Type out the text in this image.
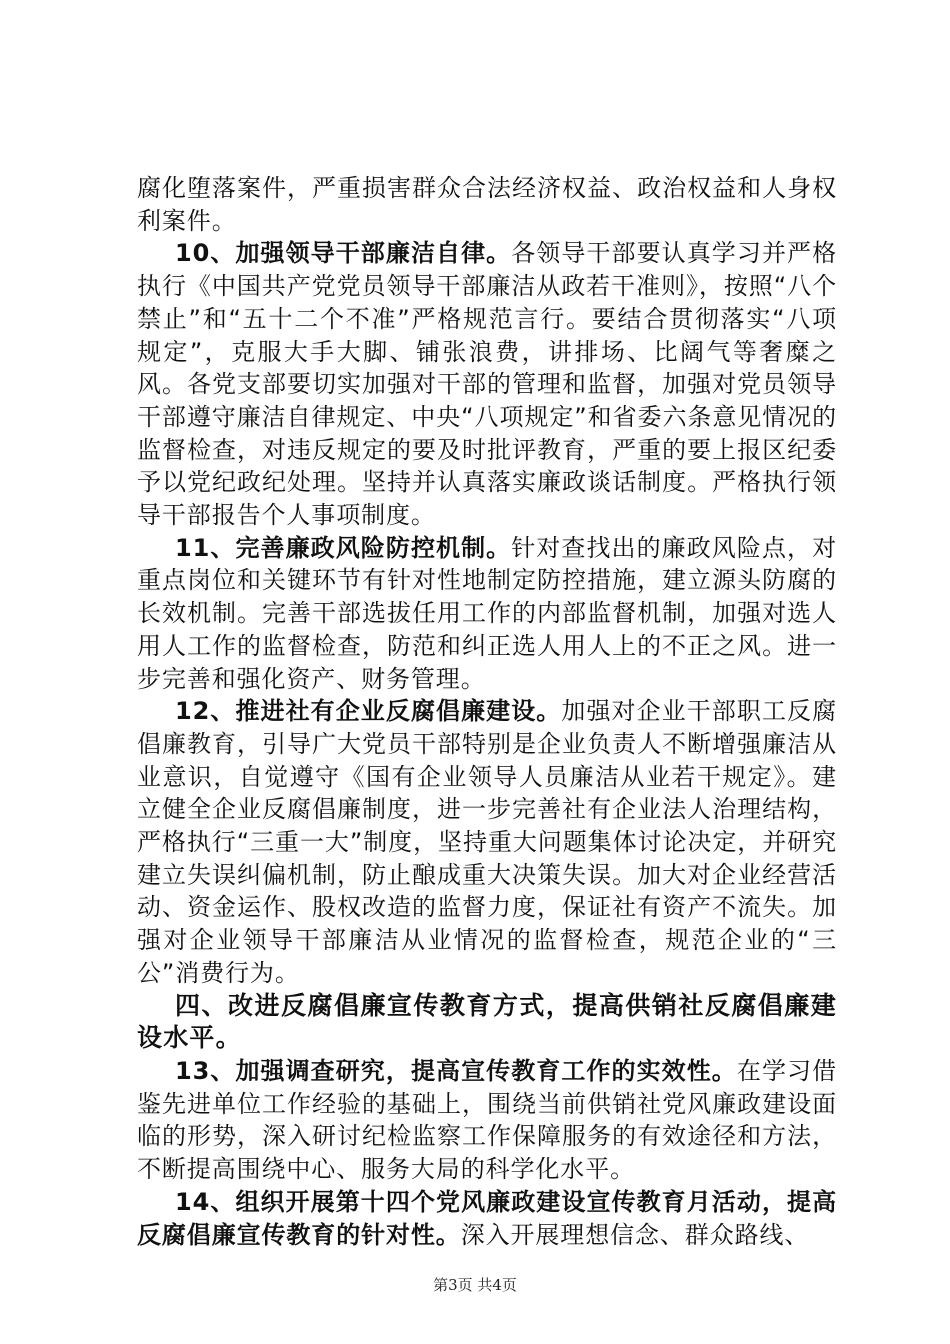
腐化堕落案件，严重损害群众合法经济权益、政治权益和人身权利案件。

10、加强领导干部廉洁自律。各领导干部要认真学习并严格执行《中国共产党党员领导干部廉洁从政若干准则》，按照“八个禁止”和“五十二个不准”严格规范言行。要结合贯彻落实“八项规定”，克服大手大脚、铺张浪费，讲排场、比阔气等奢糜之风。各党支部要切实加强对干部的管理和监督，加强对党员领导干部遵守廉洁自律规定、中央“八项规定”和省委六条意见情况的监督检查，对违反规定的要及时批评教育，严重的要上报区纪委予以党纪政纪处理。坚持并认真落实廉政谈话制度。严格执行领导干部报告个人事项制度。

11、完善廉政风险防控机制。针对查找出的廉政风险点，对重点岗位和关键环节有针对性地制定防控措施，建立源头防腐的长效机制。完善干部选拔任用工作的内部监督机制，加强对选人用人工作的监督检查，防范和纠正选人用人上的不正之风。进一步完善和强化资产、财务管理。

12、推进社有企业反腐倡廉建设。加强对企业干部职工反腐倡廉教育，引导广大党员干部特别是企业负责人不断增强廉洁从业意识，自觉遵守《国有企业领导人员廉洁从业若干规定》。建立健全企业反腐倡廉制度，进一步完善社有企业法人治理结构，严格执行“三重一大”制度，坚持重大问题集体讨论决定，并研究建立失误纠偏机制，防止酿成重大决策失误。加大对企业经营活动、资金运作、股权改造的监督力度，保证社有资产不流失。加强对企业领导干部廉洁从业情况的监督检查，规范企业的“三公”消费行为。

四、改进反腐倡廉宣传教育方式，提高供销社反腐倡廉建设水平。

13、加强调查研究，提高宣传教育工作的实效性。在学习借鉴先进单位工作经验的基础上，围绕当前供销社党风廉政建设面临的形势，深入研讨纪检监察工作保障服务的有效途径和方法，不断提高围绕中心、服务大局的科学化水平。

14、组织开展第十四个党风廉政建设宣传教育月活动，提高反腐倡廉宣传教育的针对性。深入开展理想信念、群众路线、

第3页 共4页
